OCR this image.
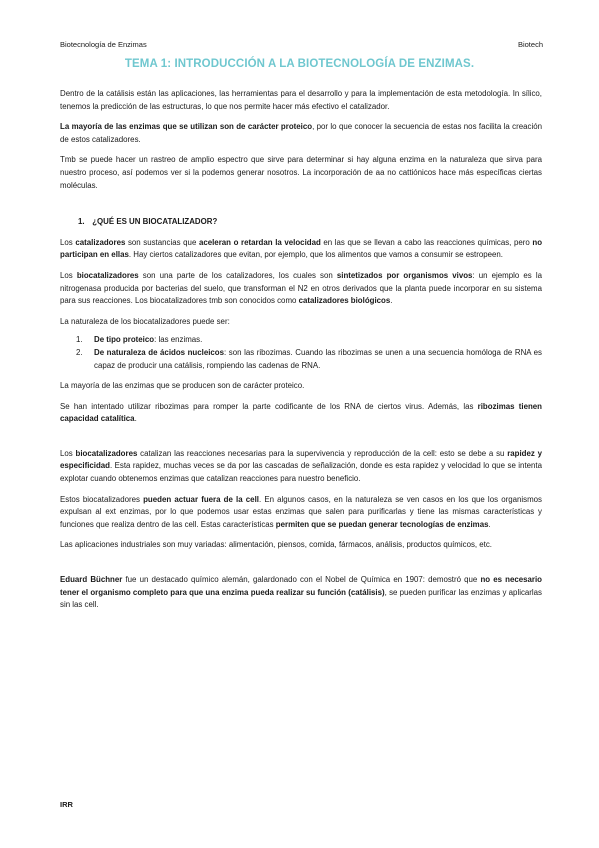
Biotecnología de Enzimas	Biotech
TEMA 1: INTRODUCCIÓN A LA BIOTECNOLOGÍA DE ENZIMAS.

Dentro de la catálisis están las aplicaciones, las herramientas para el desarrollo y para la implementación de esta metodología. In sílico, tenemos la predicción de las estructuras, lo que nos permite hacer más efectivo el catalizador.

La mayoría de las enzimas que se utilizan son de carácter proteico, por lo que conocer la secuencia de estas nos facilita la creación de estos catalizadores.

Tmb se puede hacer un rastreo de amplio espectro que sirve para determinar si hay alguna enzima en la naturaleza que sirva para nuestro proceso, así podemos ver si la podemos generar nosotros. La incorporación de aa no cattiónicos hace más específicas ciertas moléculas.

1. ¿QUÉ ES UN BIOCATALIZADOR?

Los catalizadores son sustancias que aceleran o retardan la velocidad en las que se llevan a cabo las reacciones químicas, pero no participan en ellas. Hay ciertos catalizadores que evitan, por ejemplo, que los alimentos que vamos a consumir se estropeen.

Los biocatalizadores son una parte de los catalizadores, los cuales son sintetizados por organismos vivos: un ejemplo es la nitrogenasa producida por bacterias del suelo, que transforman el N2 en otros derivados que la planta puede incorporar en su sistema para sus reacciones. Los biocatalizadores tmb son conocidos como catalizadores biológicos.

La naturaleza de los biocatalizadores puede ser:

1.	De tipo proteico: las enzimas.
2.	De naturaleza de ácidos nucleicos: son las ribozimas. Cuando las ribozimas se unen a una secuencia homóloga de RNA es capaz de producir una catálisis, rompiendo las cadenas de RNA.

La mayoría de las enzimas que se producen son de carácter proteico.

Se han intentado utilizar ribozimas para romper la parte codificante de los RNA de ciertos virus. Además, las ribozimas tienen capacidad catalítica.

Los biocatalizadores catalizan las reacciones necesarias para la supervivencia y reproducción de la cell: esto se debe a su rapidez y especificidad. Esta rapidez, muchas veces se da por las cascadas de señalización, donde es esta rapidez y velocidad lo que se intenta explotar cuando obtenemos enzimas que catalizan reacciones para nuestro beneficio.

Estos biocatalizadores pueden actuar fuera de la cell. En algunos casos, en la naturaleza se ven casos en los que los organismos expulsan al ext enzimas, por lo que podemos usar estas enzimas que salen para purificarlas y tiene las mismas características y funciones que realiza dentro de las cell. Estas características permiten que se puedan generar tecnologías de enzimas.

Las aplicaciones industriales son muy variadas: alimentación, piensos, comida, fármacos, análisis, productos químicos, etc.

Eduard Büchner fue un destacado químico alemán, galardonado con el Nobel de Química en 1907: demostró que no es necesario tener el organismo completo para que una enzima pueda realizar su función (catálisis), se pueden purificar las enzimas y aplicarlas sin las cell.

IRR
